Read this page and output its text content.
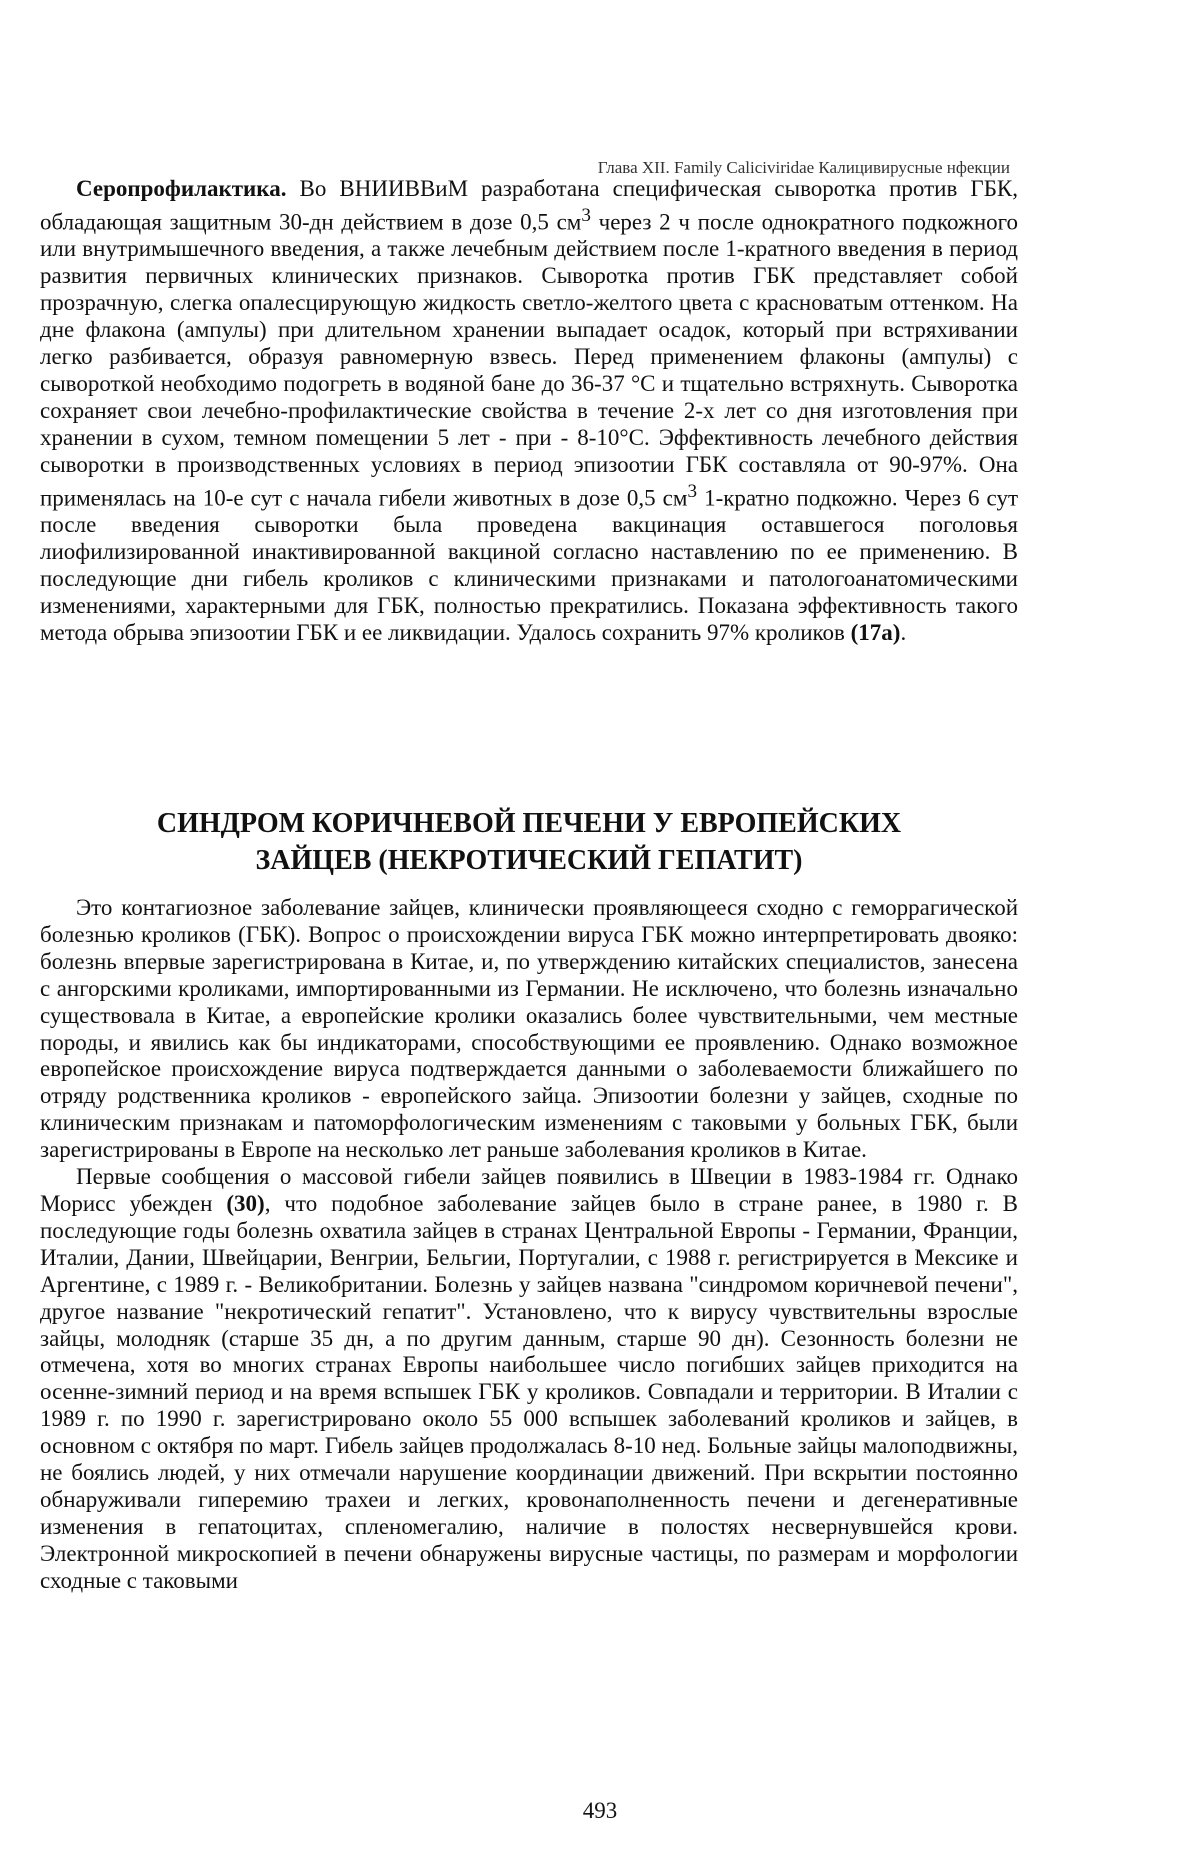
Глава XII. Family Caliciviridae Калицивирусные нфекции

Серопрофилактика. Во ВНИИВВиМ разработана специфическая сыворотка против ГБК, обладающая защитным 30-дн действием в дозе 0,5 $см^3$ через 2 ч после однократного подкожного или внутримышечного введения, а также лечебным действием после 1-кратного введения в период развития первичных клинических признаков. Сыворотка против ГБК представляет собой прозрачную, слегка опалесцирующую жидкость светло-желтого цвета с красноватым оттенком. На дне флакона (ампулы) при длительном хранении выпадает осадок, который при встряхивании легко разбивается, образуя равномерную взвесь. Перед применением флаконы (ампулы) с сывороткой необходимо подогреть в водяной бане до 36-37 °С и тщательно встряхнуть. Сыворотка сохраняет свои лечебно-профилактические свойства в течение 2-х лет со дня изготовления при хранении в сухом, темном помещении 5 лет - при - 8-10°С. Эффективность лечебного действия сыворотки в производственных условиях в период эпизоотии ГБК составляла от 90-97%. Она применялась на 10-е сут с начала гибели животных в дозе 0,5 $см^3$ 1-кратно подкожно. Через 6 сут после введения сыворотки была проведена вакцинация оставшегося поголовья лиофилизированной инактивированной вакциной согласно наставлению по ее применению. В последующие дни гибель кроликов с клиническими признаками и патологоанатомическими изменениями, характерными для ГБК, полностью прекратились. Показана эффективность такого метода обрыва эпизоотии ГБК и ее ликвидации. Удалось сохранить 97% кроликов (17а).

СИНДРОМ КОРИЧНЕВОЙ ПЕЧЕНИ У ЕВРОПЕЙСКИХ
ЗАЙЦЕВ (НЕКРОТИЧЕСКИЙ ГЕПАТИТ)

Это контагиозное заболевание зайцев, клинически проявляющееся сходно с геморрагической болезнью кроликов (ГБК). Вопрос о происхождении вируса ГБК можно интерпретировать двояко: болезнь впервые зарегистрирована в Китае, и, по утверждению китайских специалистов, занесена с ангорскими кроликами, импортированными из Германии. Не исключено, что болезнь изначально существовала в Китае, а европейские кролики оказались более чувствительными, чем местные породы, и явились как бы индикаторами, способствующими ее проявлению. Однако возможное европейское происхождение вируса подтверждается данными о заболеваемости ближайшего по отряду родственника кроликов - европейского зайца. Эпизоотии болезни у зайцев, сходные по клиническим признакам и патоморфологическим изменениям с таковыми у больных ГБК, были зарегистрированы в Европе на несколько лет раньше заболевания кроликов в Китае.

Первые сообщения о массовой гибели зайцев появились в Швеции в 1983-1984 гг. Однако Морисс убежден (30), что подобное заболевание зайцев было в стране ранее, в 1980 г. В последующие годы болезнь охватила зайцев в странах Центральной Европы - Германии, Франции, Италии, Дании, Швейцарии, Венгрии, Бельгии, Португалии, с 1988 г. регистрируется в Мексике и Аргентине, с 1989 г. - Великобритании. Болезнь у зайцев названа "синдромом коричневой печени", другое название "некротический гепатит". Установлено, что к вирусу чувствительны взрослые зайцы, молодняк (старше 35 дн, а по другим данным, старше 90 дн). Сезонность болезни не отмечена, хотя во многих странах Европы наибольшее число погибших зайцев приходится на осенне-зимний период и на время вспышек ГБК у кроликов. Совпадали и территории. В Италии с 1989 г. по 1990 г. зарегистрировано около 55 000 вспышек заболеваний кроликов и зайцев, в основном с октября по март. Гибель зайцев продолжалась 8-10 нед. Больные зайцы малоподвижны, не боялись людей, у них отмечали нарушение координации движений. При вскрытии постоянно обнаруживали гиперемию трахеи и легких, кровонаполненность печени и дегенеративные изменения в гепатоцитах, спленомегалию, наличие в полостях несвернувшейся крови. Электронной микроскопией в печени обнаружены вирусные частицы, по размерам и морфологии сходные с таковыми

493
